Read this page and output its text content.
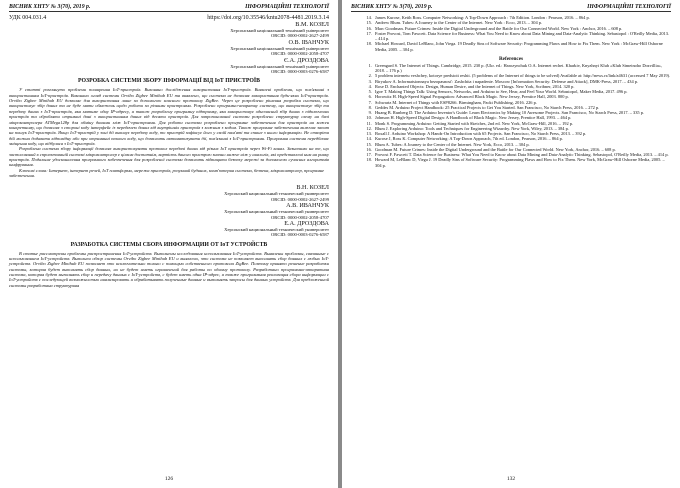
ВІСНИК ХНТУ № 3(70), 2019 р.	ІНФОРМАЦІЙНІ ТЕХНОЛОГІЇ
УДК 004.031.4	https://doi.org/10.35546/kntu2078-4481.2019.3.14
В.М. КОЗЕЛ
Херсонський національний технічний університет
ORCID: 0000-0002-2627-2499
О.В. ІВАНЧУК
Херсонський національний технічний університет
ORCID: 0000-0002-2058-4707
Є.А. ДРОЗДОВА
Херсонський національний технічний університет
ORCID: 0000-0003-0276-6587
РОЗРОБКА СИСТЕМИ ЗБОРУ ІНФОРМАЦІЇ ВІД ІоТ ПРИСТРОЇВ

У статті розглянуто проблеми поширення ІоТ-пристроїв. Виконано дослідження використання IoT-пристроїв. Виявлені проблеми, що пов'язанні з використанням IoT-пристроїв. Виконано огляд системи Orvibo Zigbee Minihub EU та виявлено, що система не дозволяє використання будь-яких IoT-пристроїв. Orvibo Zigbee Minihub EU дозволяє для використання лише за допомогою власного протоколу ZigBee. Через це розроблено рішення розробки системи, що використовує збір даних та не буде мати обмежень щодо роботи за різними пристроями. Розроблено програмно-апаратну систему, що використовує збір та передачу даних з ІоТ-пристроїв, яка матиме одну IP-адресу, а також розроблену програмну підтримку, яка використовує одночасний збір даних з підключених пристроїв та обробляти отримані дані з використанням даних від десяти пристроїв. Для запропонованої системи розроблено структурну схему на базі мікроконтролера ATMega128p для обміну даними між ІоТ-пристроями. Для роботи системи розроблено програмне забезпечення для пристроїв на кожен конкретному, що дозволяє з стороні коду інтерфейс із передачею даних від внутрішніх пристроїв з кожним з кодом. Також програмне забезпечення включає запит на пошук ІоТ-пристроїв. Якщо ІоТ-пристрій у зоні дії виконує передачу коду, то пристрій зафіксує його у своїй пам'яті та спише з нього інформацію. Не створіта дій можна додавати відповідну або при отриманні певного коду, що дозволить автоматизувати дії, пов'язанні з ІоТ-пристроями. Програмна система передбачає зміщення коду, що відбулися з ІоТ-пристроїв.

Розроблена система збору інформації дозволяє використовувати протокол передачі даних від різних IoT пристроїв через Wi-Fi канал. Зазначимо на те, що застосований в спроектованій системі мікроконтролер є цілком достатнім, вартість даного пристрою значно нижче ніж у аналогів, які представлені ним на ринку пристроїв. Подальше удосконалення програмного забезпечення для розробленої системи дозволить підвищити безпеку мережі за допомогою сучасних алгоритмів шифрування.

Ключові слова: Інтернет, інтернет речей, IoT платформи, мережа пристроїв, розумний будинок, комп'ютерна система, безпека, мікроконтролер, програмне забезпечення.

В.Н. КОЗЕЛ
Херсонский национальный технический университет
ORCID: 0000-0002-2627-2499
А.В. ИВАНЧУК
Херсонский национальный технический университет
ORCID: 0000-0002-2058-4707
Е.А. ДРОЗДОВА
Херсонский национальный технический университет
ORCID: 0000-0003-0276-6587
РАЗРАБОТКА СИСТЕМЫ СБОРА ИНФОРМАЦИИ ОТ IoT УСТРОЙСТВ

В статье рассмотрены проблемы распространения IoT-устройств. Выполнены исследования использования IoT-устройств. Выявлены проблемы, связанные с использованием IoT-устройств. Выполнен обзор системы Orvibo Zigbee Minihub EU и выявлено, что система не позволяет выполнять сбор данных с любых IoT-устройств. Orvibo Zigbee Minihub EU позволяет это исключительно только с помощью собственного протокола ZigBee. Поэтому принято решение разработки системы, которая будет выполнять сбор данных, но не будет иметь ограничений для работы по одному протоколу. Разработано программно-аппаратная система, которая будет выполнять сбор и передачу данных с IoT-устройств, с будет иметь одна IP-адрес, а также программная реализация сбора информации с IoT-устройств с последующей возможностью анализировать и обрабатывать полученные данные и выполнять запросы для данных устройств. Для предложенной системы разработана структурная

126
ВІСНИК ХНТУ № 3(70), 2019 р.	ІНФОРМАЦІЙНІ ТЕХНОЛОГІЇ
14. James Kurose, Keith Ross. Computer Networking: A Top-Down Approach : 7th Edition. London : Pearson, 2016. – 864 p.
15. Andrew Blum. Tubes: A Journey to the Center of the Internet. New York : Ecco, 2013. – 304 p.
16. Marc Goodman. Future Crimes: Inside the Digital Underground and the Battle for Our Connected World. New York : Anchor, 2016. – 608 p.
17. Foster Provost, Tom Fawcett. Data Science for Business: What You Need to Know about Data Mining and Data-Analytic Thinking. Sebastopol : O'Reilly Media, 2013. – 414 p.
18. Michael Howard, David LeBlanc, John Viega. 19 Deadly Sins of Software Security: Programming Flaws and How to Fix Them. New York : McGraw-Hill Osborne Media, 2005. – 304 p.
References
1. Greengard S. The Internet of Things. Cambridge, 2015. 230 p. (Ukr. ed.: Harozynchuk O.A. Internet rechei. Kharkiv, Knyzhnyi Klub «Klub Simeinoho Dozvillia», 2018. – 176 p.)
2. 5 problem internetu veshchey, kotorye predstoit reshit. (5 problems of the Internet of things to be solved) Available at: http://news.rs/link/a4631 (accessed 7 May 2019).
3. Biryukov A. Informatsionnaya bezopasnost': Zashchita i napadenie. Moscow [Information Security: Defense and Attack], DMK-Press, 2017. – 434 p.
4. Rose D. Enchanted Objects: Design, Human Desire, and the Internet of Things. New York, Scribner, 2014. 320 p.
5. Igoe T. Making Things Talk: Using Sensors, Networks, and Arduino to See, Hear, and Feel Your World. Sebastopol, Maker Media, 2017. 496 p.
6. Horowitz H. High-Speed Signal Propagation: Advanced Black Magic. New Jersey, Prentice Hall, 2003. 800 p.
7. Schwartz M. Internet of Things with ESP8266. Birmingham, Packt Publishing, 2016. 226 p.
8. Geddes M. Arduino Project Handbook: 25 Practical Projects to Get You Started. San Francisco, No Starch Press, 2016. – 272 p.
9. Huang B. Runberg D. The Arduino Inventor's Guide: Learn Electronics by Making 10 Awesome Projects. San Francisco, No Starch Press, 2017. – 335 p.
10. Johnson H. High-Speed Digital Design: A Handbook of Black Magic. New Jersey, Prentice Hall, 1993. – 464 p.
11. Monk S. Programming Arduino: Getting Started with Sketches, 2nd ed. New York, McGraw-Hill, 2016. – 192 p.
12. Blum J. Exploring Arduino: Tools and Techniques for Engineering Wizardry. New York, Wiley, 2013. – 384 p.
13. Boxall J. Arduino Workshop: A Hands-On Introduction with 65 Projects. San Francisco, No Starch Press, 2013. – 392 p.
14. Kurose J, Ross K. Computer Networking: A Top-Down Approach, 7th ed. London, Pearson, 2016. – 864 p.
15. Blum A. Tubes: A Journey to the Center of the Internet. New York, Ecco, 2013. – 304 p.
16. Goodman M. Future Crimes: Inside the Digital Underground and the Battle for Our Connected World. New York, Anchor, 2016. – 608 p.
17. Provost F. Fawcett T. Data Science for Business: What You Need to Know about Data Mining and Data-Analytic Thinking. Sebastopol, O'Reilly Media, 2013. – 414 p.
18. Howard M, LeBlanc D, Viega J. 19 Deadly Sins of Software Security: Programming Flaws and How to Fix Them. New York, McGraw-Hill Osborne Media, 2005. – 304 p.
132
